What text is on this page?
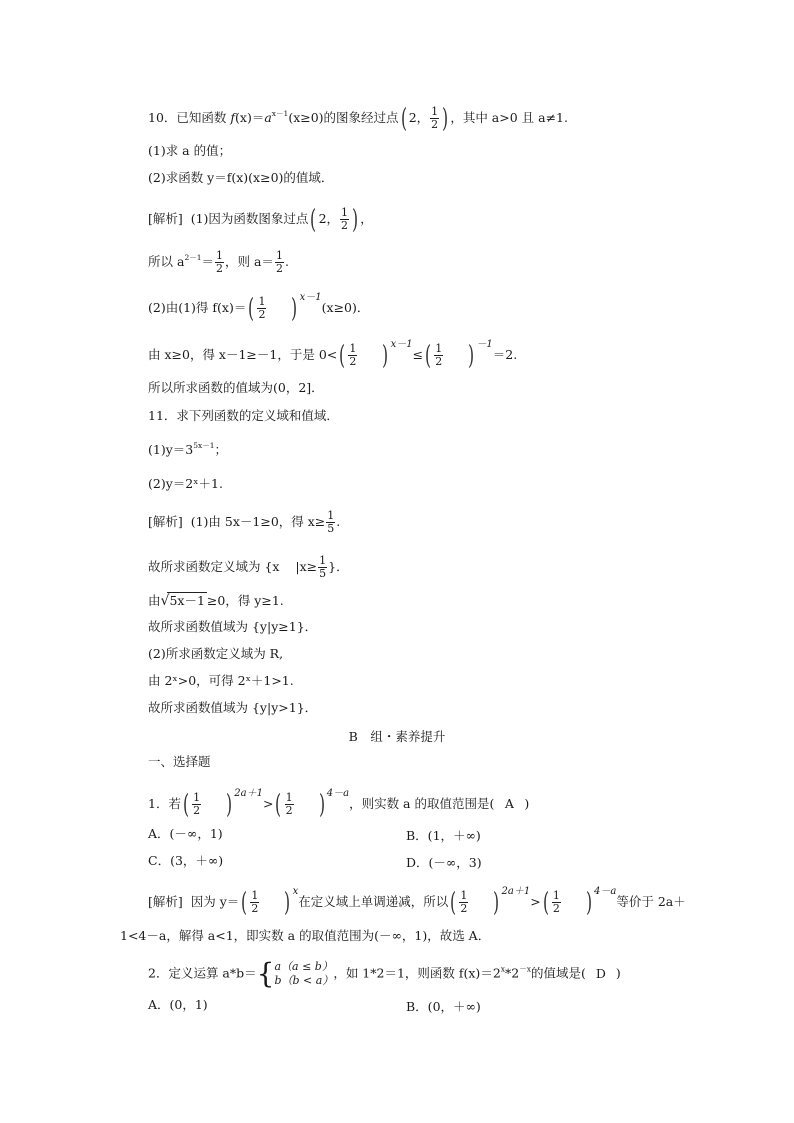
10．已知函数 $f(x)=a^{x-1}(x\ge 0)$的图象经过点( 2， $\frac{1}{2}$ ) ，其中 a>0 且 a≠1.
(1)求 a 的值；
(2)求函数 y＝f(x)(x≥0)的值域．
[解析] (1)因为函数图象过点( 2， $\frac{1}{2}$ ) ，
所以 $a^{2-1}= \frac{1}{2}$ ，则 $a= \frac{1}{2}$ .
(2)由(1)得 $f(x)=( \frac{1}{2}$ ) x－1(x≥0)．
由 x≥0，得 x－1≥－1，于是 $0<( \frac{1}{2}$ ) $x-1\le( \frac{1}{2}$ ) －1＝2.
所以所求函数的值域为(0，2]．
11．求下列函数的定义域和值域．
$(1)y=3^{5x-1}$；
(2)y＝2ˣ＋1.
[解析] (1)由 5x－1≥0，得 $x\ge \frac{1}{5}$ .
故所求函数定义域为 {x $|x\ge \frac{1}{5}$ }．
由√5x－1 ≥0，得 y≥1.
故所求函数值域为 {y|y≥1}．
(2)所求函数定义域为 R,
由 2ˣ>0，可得 2ˣ＋1>1.
故所求函数值域为 {y|y>1}．
B　组・素养提升
一、选择题
1．若( $\frac{1}{2}$ ) $2a+1>( \frac{1}{2}$ ) 4－a，则实数 a 的取值范围是( A )
A．(－∞，1)	B．(1，＋∞)
C．(3，＋∞)	D．(－∞，3)
[解析] 因为 $y=( \frac{1}{2}$ ) x在定义域上单调递减，所以( $\frac{1}{2}$ ) $2a+1>( \frac{1}{2}$ ) 4－a等价于 2a＋
1<4－a，解得 a<1，即实数 a 的取值范围为(－∞，1)，故选 A．
2．定义运算 a*b＝{ a（a ≤ b）
b（b < a） ，如 1*2＝1，则函数 $f(x)=2^x*2^{-x}$的值域是( D )
A．(0，1)	B．(0，＋∞)
